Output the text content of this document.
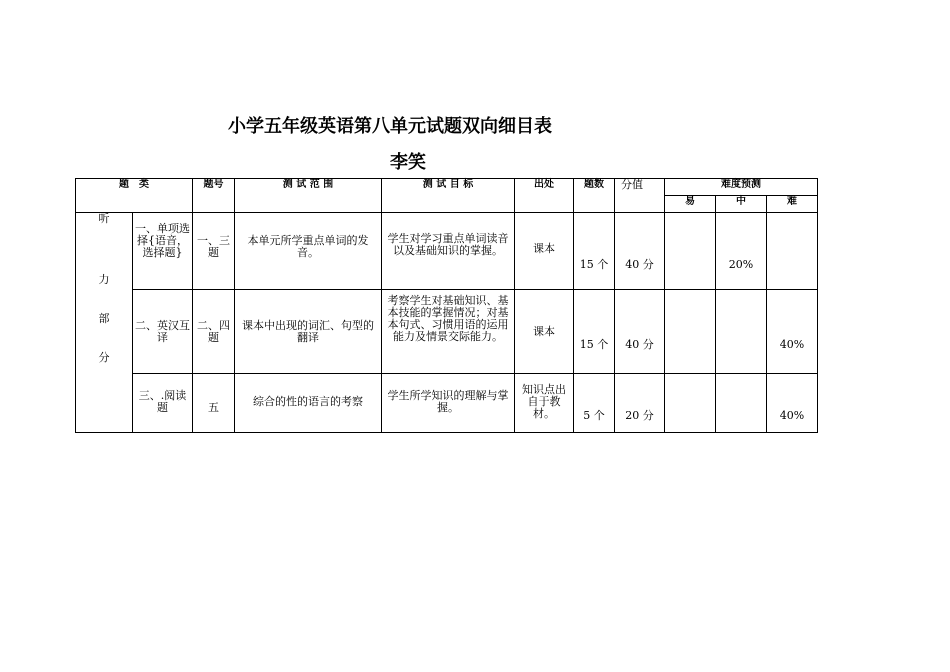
小学五年级英语第八单元试题双向细目表
李笑
题　类		题号	测 试 范 围	测 试 目 标	出处	题数	分值	难度预测		
								易	中	难

听
力
部
分	一、单项选择{语音，选择题}	一、三题	本单元所学重点单词的发音。	学生对学习重点单词读音以及基础知识的掌握。	课本	15 个	40 分		20%	
	二、英汉互译	二、四题	课本中出现的词汇、句型的翻译	考察学生对基础知识、基本技能的掌握情况；对基本句式、习惯用语的运用能力及情景交际能力。	课本	15 个	40 分			40%
	三、.阅读题	五	综合的性的语言的考察	学生所学知识的理解与掌握。	知识点出自于教材。	5 个	20 分			40%
